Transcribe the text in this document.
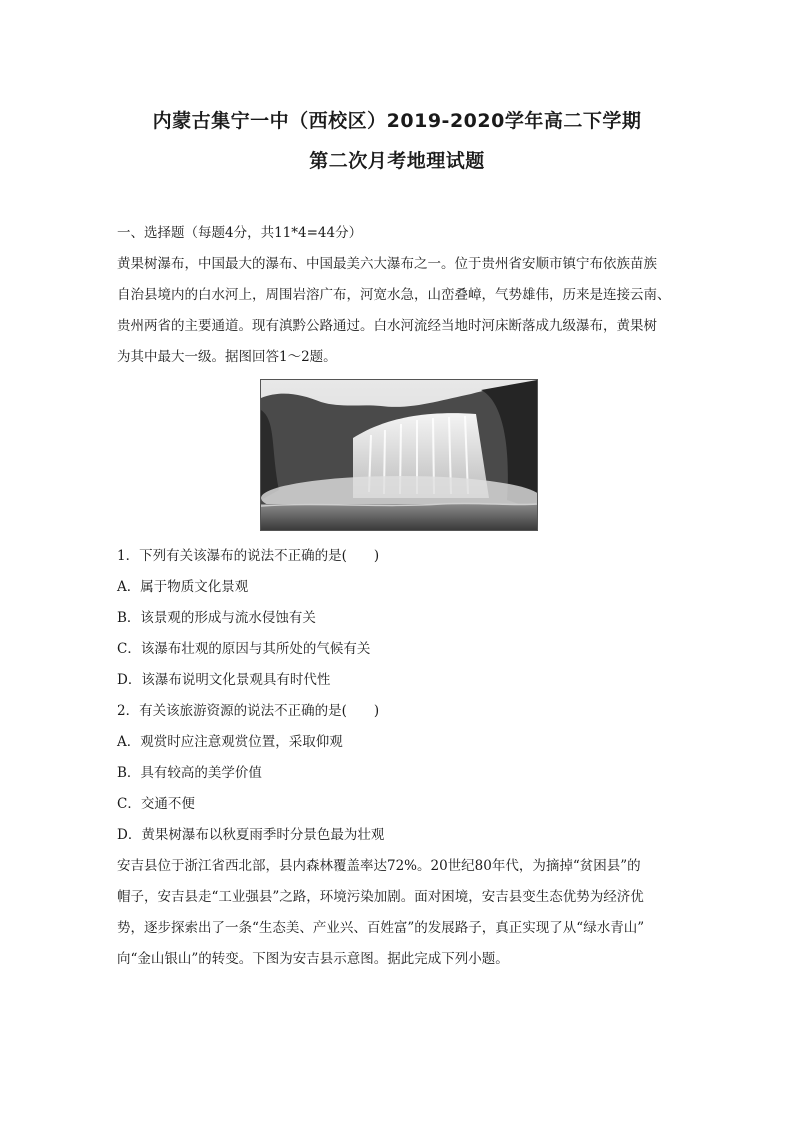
内蒙古集宁一中（西校区）2019-2020学年高二下学期
第二次月考地理试题

一、选择题（每题4分，共11*4=44分）

黄果树瀑布，中国最大的瀑布、中国最美六大瀑布之一。位于贵州省安顺市镇宁布依族苗族

自治县境内的白水河上，周围岩溶广布，河宽水急，山峦叠嶂，气势雄伟，历来是连接云南、

贵州两省的主要通道。现有滇黔公路通过。白水河流经当地时河床断落成九级瀑布，黄果树

为其中最大一级。据图回答1～2题。

1．下列有关该瀑布的说法不正确的是(　　)

A．属于物质文化景观

B．该景观的形成与流水侵蚀有关

C．该瀑布壮观的原因与其所处的气候有关

D．该瀑布说明文化景观具有时代性

2．有关该旅游资源的说法不正确的是(　　)

A．观赏时应注意观赏位置，采取仰观

B．具有较高的美学价值

C．交通不便

D．黄果树瀑布以秋夏雨季时分景色最为壮观

安吉县位于浙江省西北部，县内森林覆盖率达72%。20世纪80年代，为摘掉“贫困县”的

帽子，安吉县走“工业强县”之路，环境污染加剧。面对困境，安吉县变生态优势为经济优

势，逐步探索出了一条“生态美、产业兴、百姓富”的发展路子，真正实现了从“绿水青山”

向“金山银山”的转变。下图为安吉县示意图。据此完成下列小题。
